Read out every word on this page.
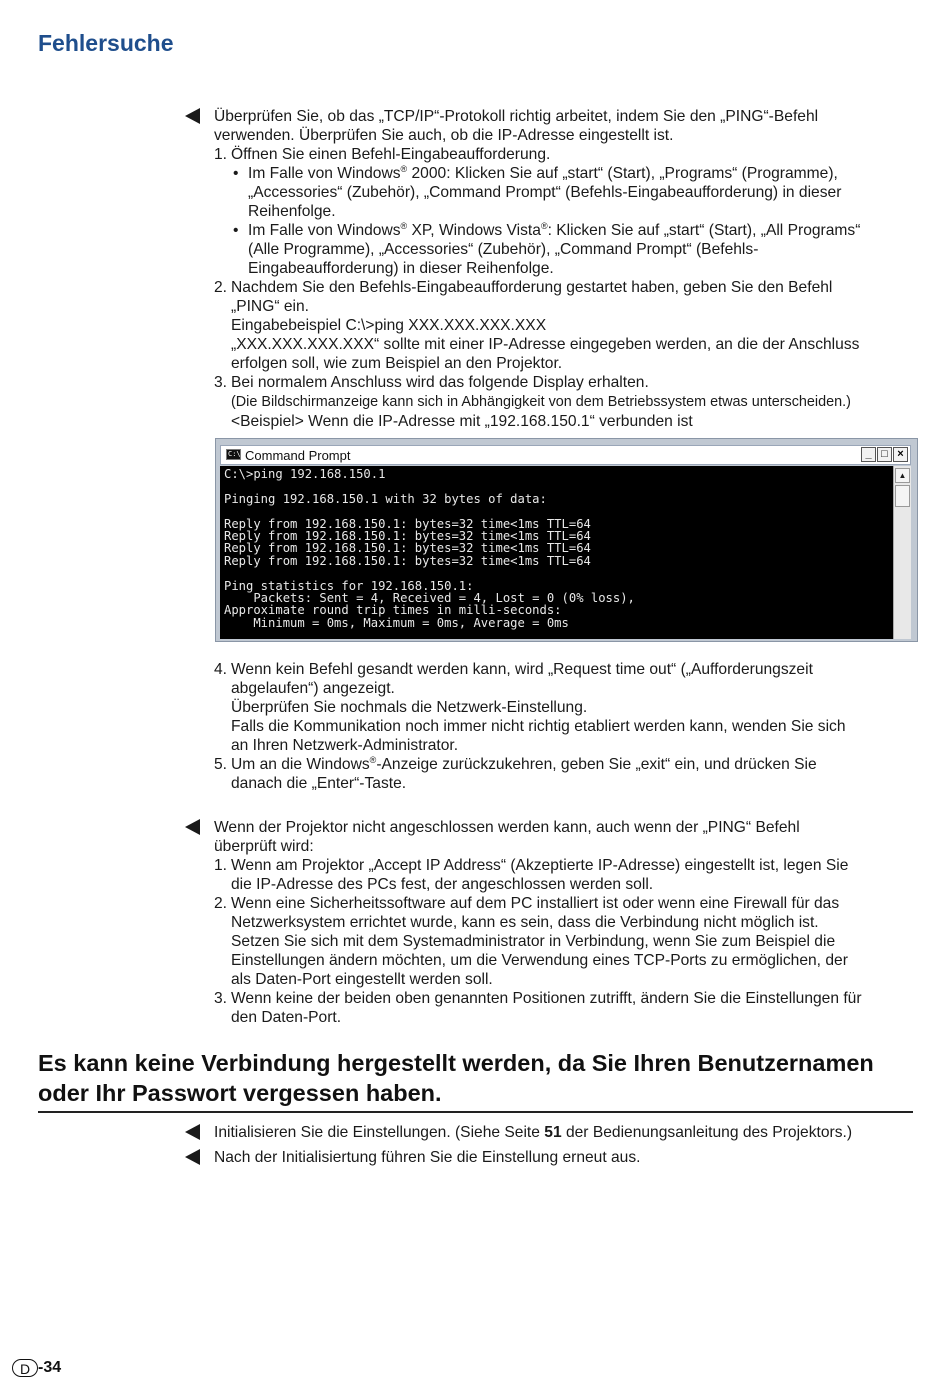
Fehlersuche
Überprüfen Sie, ob das „TCP/IP“-Protokoll richtig arbeitet, indem Sie den „PING“-Befehl
verwenden. Überprüfen Sie auch, ob die IP-Adresse eingestellt ist.
1. Öffnen Sie einen Befehl-Eingabeaufforderung.
• Im Falle von Windows® 2000: Klicken Sie auf „start“ (Start), „Programs“ (Programme),
„Accessories“ (Zubehör), „Command Prompt“ (Befehls-Eingabeaufforderung) in dieser
Reihenfolge.
• Im Falle von Windows® XP, Windows Vista®: Klicken Sie auf „start“ (Start), „All Programs“
(Alle Programme), „Accessories“ (Zubehör), „Command Prompt“ (Befehls-
Eingabeaufforderung) in dieser Reihenfolge.
2. Nachdem Sie den Befehls-Eingabeaufforderung gestartet haben, geben Sie den Befehl
„PING“ ein.
Eingabebeispiel C:\>ping XXX.XXX.XXX.XXX
„XXX.XXX.XXX.XXX“ sollte mit einer IP-Adresse eingegeben werden, an die der Anschluss
erfolgen soll, wie zum Beispiel an den Projektor.
3. Bei normalem Anschluss wird das folgende Display erhalten.
(Die Bildschirmanzeige kann sich in Abhängigkeit von dem Betriebssystem etwas unterscheiden.)
<Beispiel> Wenn die IP-Adresse mit „192.168.150.1“ verbunden ist
C:\ Command Prompt	_ □ ×
C:\>ping 192.168.150.1

Pinging 192.168.150.1 with 32 bytes of data:

Reply from 192.168.150.1: bytes=32 time<1ms TTL=64
Reply from 192.168.150.1: bytes=32 time<1ms TTL=64
Reply from 192.168.150.1: bytes=32 time<1ms TTL=64
Reply from 192.168.150.1: bytes=32 time<1ms TTL=64

Ping statistics for 192.168.150.1:
Packets: Sent = 4, Received = 4, Lost = 0 (0% loss),
Approximate round trip times in milli-seconds:
Minimum = 0ms, Maximum = 0ms, Average = 0ms
▲
4. Wenn kein Befehl gesandt werden kann, wird „Request time out“ („Aufforderungszeit
abgelaufen“) angezeigt.
Überprüfen Sie nochmals die Netzwerk-Einstellung.
Falls die Kommunikation noch immer nicht richtig etabliert werden kann, wenden Sie sich
an Ihren Netzwerk-Administrator.
5. Um an die Windows®-Anzeige zurückzukehren, geben Sie „exit“ ein, und drücken Sie
danach die „Enter“-Taste.
Wenn der Projektor nicht angeschlossen werden kann, auch wenn der „PING“ Befehl
überprüft wird:
1. Wenn am Projektor „Accept IP Address“ (Akzeptierte IP-Adresse) eingestellt ist, legen Sie
die IP-Adresse des PCs fest, der angeschlossen werden soll.
2. Wenn eine Sicherheitssoftware auf dem PC installiert ist oder wenn eine Firewall für das
Netzwerksystem errichtet wurde, kann es sein, dass die Verbindung nicht möglich ist.
Setzen Sie sich mit dem Systemadministrator in Verbindung, wenn Sie zum Beispiel die
Einstellungen ändern möchten, um die Verwendung eines TCP-Ports zu ermöglichen, der
als Daten-Port eingestellt werden soll.
3. Wenn keine der beiden oben genannten Positionen zutrifft, ändern Sie die Einstellungen für
den Daten-Port.
Es kann keine Verbindung hergestellt werden, da Sie Ihren Benutzernamen
oder Ihr Passwort vergessen haben.
Initialisieren Sie die Einstellungen. (Siehe Seite 51 der Bedienungsanleitung des Projektors.)
Nach der Initialisiertung führen Sie die Einstellung erneut aus.
D -34
